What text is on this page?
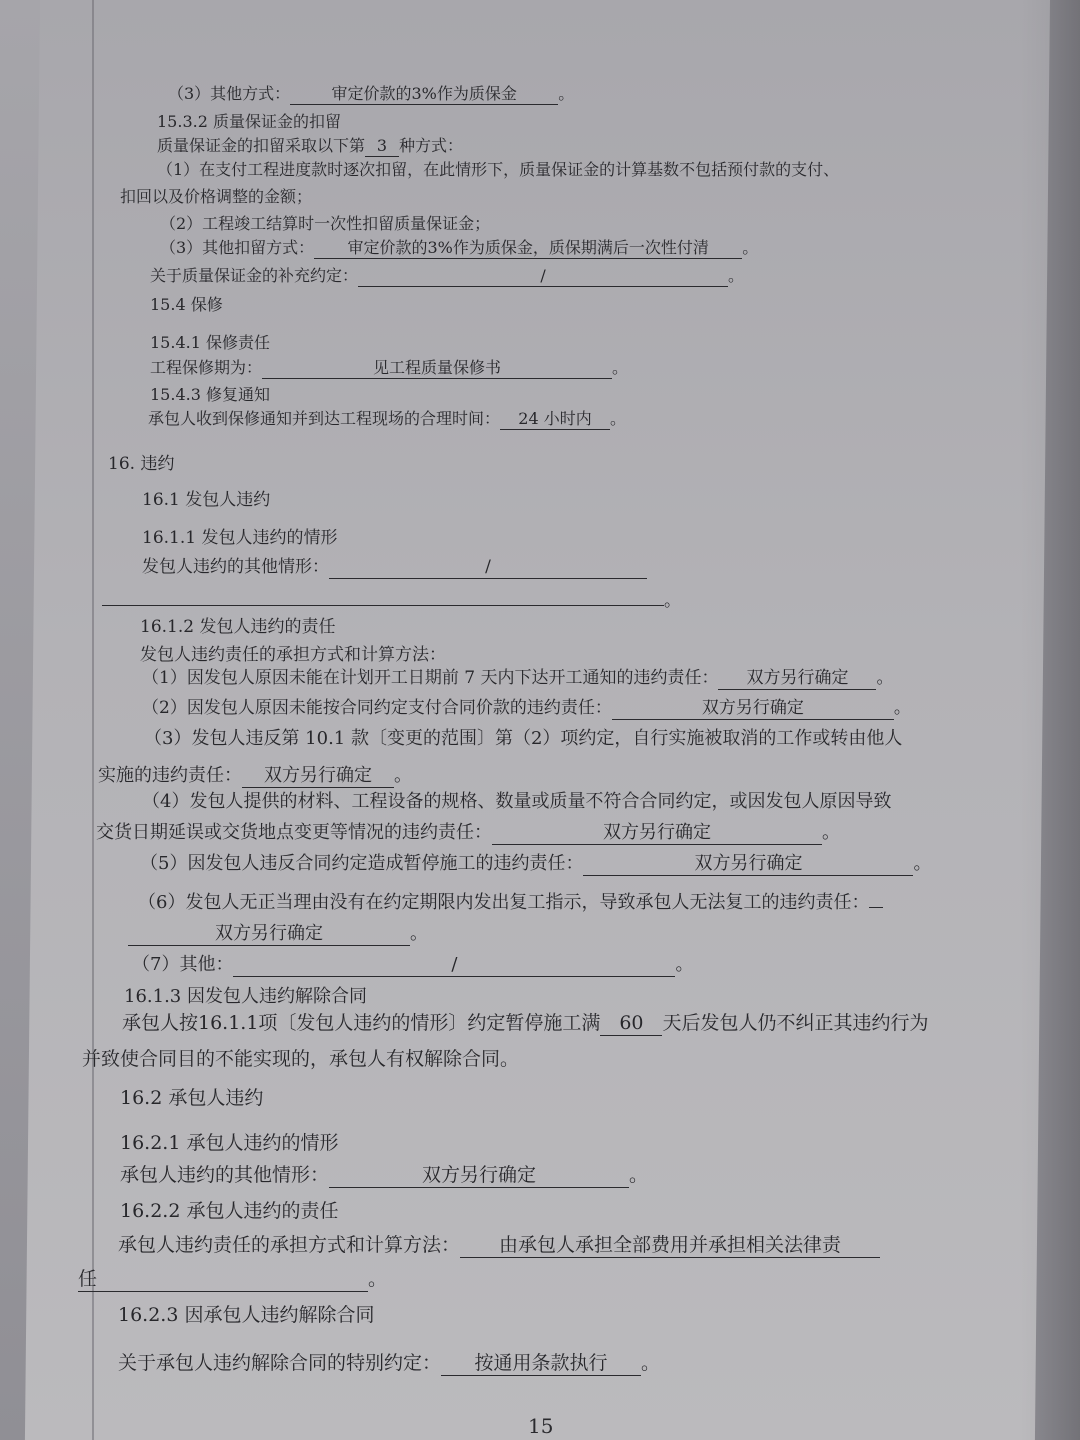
（3）其他方式：	审定价款的3%作为质保金	。
15.3.2 质量保证金的扣留
质量保证金的扣留采取以下第 3 种方式：
（1）在支付工程进度款时逐次扣留，在此情形下，质量保证金的计算基数不包括预付款的支付、
扣回以及价格调整的金额；
（2）工程竣工结算时一次性扣留质量保证金；
（3）其他扣留方式： 审定价款的3%作为质保金，质保期满后一次性付清 。
关于质量保证金的补充约定：	/	。
15.4 保修
15.4.1 保修责任
工程保修期为：	见工程质量保修书	。
15.4.3 修复通知
承包人收到保修通知并到达工程现场的合理时间： 24 小时内 。
16. 违约
16.1 发包人违约
16.1.1 发包人违约的情形
发包人违约的其他情形：	/
。
16.1.2 发包人违约的责任
发包人违约责任的承担方式和计算方法：
（1）因发包人原因未能在计划开工日期前 7 天内下达开工通知的违约责任： 双方另行确定 。
（2）因发包人原因未能按合同约定支付合同价款的违约责任：	双方另行确定	。
（3）发包人违反第 10.1 款〔变更的范围〕第（2）项约定，自行实施被取消的工作或转由他人
实施的违约责任： 双方另行确定 。
（4）发包人提供的材料、工程设备的规格、数量或质量不符合合同约定，或因发包人原因导致
交货日期延误或交货地点变更等情况的违约责任：	双方另行确定	。
（5）因发包人违反合同约定造成暂停施工的违约责任：	双方另行确定	。
（6）发包人无正当理由没有在约定期限内发出复工指示，导致承包人无法复工的违约责任：
双方另行确定	。
（7）其他：	/	。
16.1.3 因发包人违约解除合同
承包人按16.1.1项〔发包人违约的情形〕约定暂停施工满 60 天后发包人仍不纠正其违约行为
并致使合同目的不能实现的，承包人有权解除合同。
16.2 承包人违约
16.2.1 承包人违约的情形
承包人违约的其他情形：	双方另行确定	。
16.2.2 承包人违约的责任
承包人违约责任的承担方式和计算方法： 由承包人承担全部费用并承担相关法律责
任	。
16.2.3 因承包人违约解除合同
关于承包人违约解除合同的特别约定： 按通用条款执行 。
15
